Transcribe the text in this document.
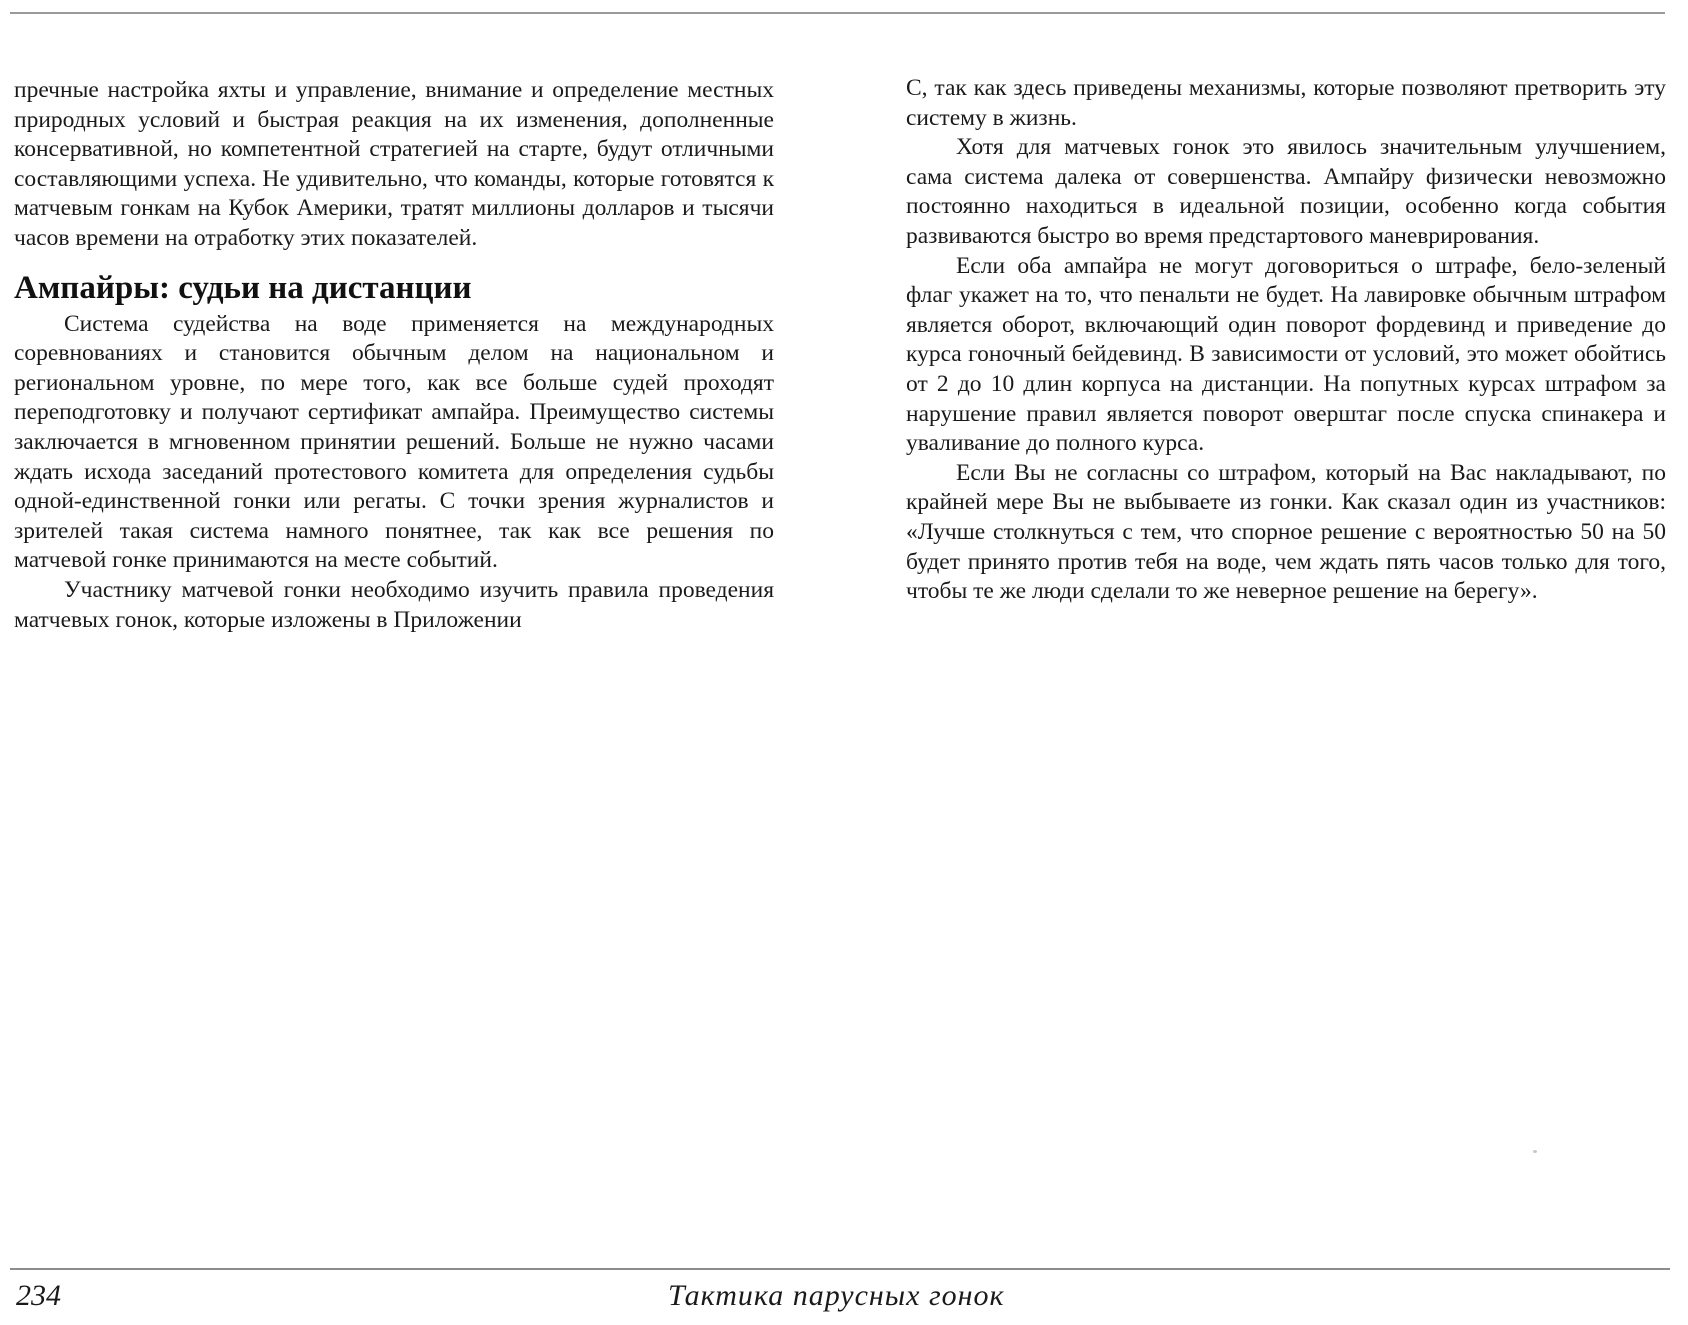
пречные настройка яхты и управление, внимание и определение местных природных условий и быстрая реакция на их изменения, дополненные консервативной, но компетентной стратегией на старте, будут отличными составляющими успеха. Не удивительно, что команды, которые готовятся к матчевым гонкам на Кубок Америки, тратят миллионы долларов и тысячи часов времени на отработку этих показателей.

Ампайры: судьи на дистанции

Система судейства на воде применяется на международных соревнованиях и становится обычным делом на национальном и региональном уровне, по мере того, как все больше судей проходят переподготовку и получают сертификат ампайра. Преимущество системы заключается в мгновенном принятии решений. Больше не нужно часами ждать исхода заседаний протестового комитета для определения судьбы одной-единственной гонки или регаты. С точки зрения журналистов и зрителей такая система намного понятнее, так как все решения по матчевой гонке принимаются на месте событий.

Участнику матчевой гонки необходимо изучить правила проведения матчевых гонок, которые изложены в Приложении

С, так как здесь приведены механизмы, которые позволяют претворить эту систему в жизнь.

Хотя для матчевых гонок это явилось значительным улучшением, сама система далека от совершенства. Ампайру физически невозможно постоянно находиться в идеальной позиции, особенно когда события развиваются быстро во время предстартового маневрирования.

Если оба ампайра не могут договориться о штрафе, бело-зеленый флаг укажет на то, что пенальти не будет. На лавировке обычным штрафом является оборот, включающий один поворот фордевинд и приведение до курса гоночный бейдевинд. В зависимости от условий, это может обойтись от 2 до 10 длин корпуса на дистанции. На попутных курсах штрафом за нарушение правил является поворот оверштаг после спуска спинакера и уваливание до полного курса.

Если Вы не согласны со штрафом, который на Вас накладывают, по крайней мере Вы не выбываете из гонки. Как сказал один из участников: «Лучше столкнуться с тем, что спорное решение с вероятностью 50 на 50 будет принято против тебя на воде, чем ждать пять часов только для того, чтобы те же люди сделали то же неверное решение на берегу».

234	Тактика парусных гонок
